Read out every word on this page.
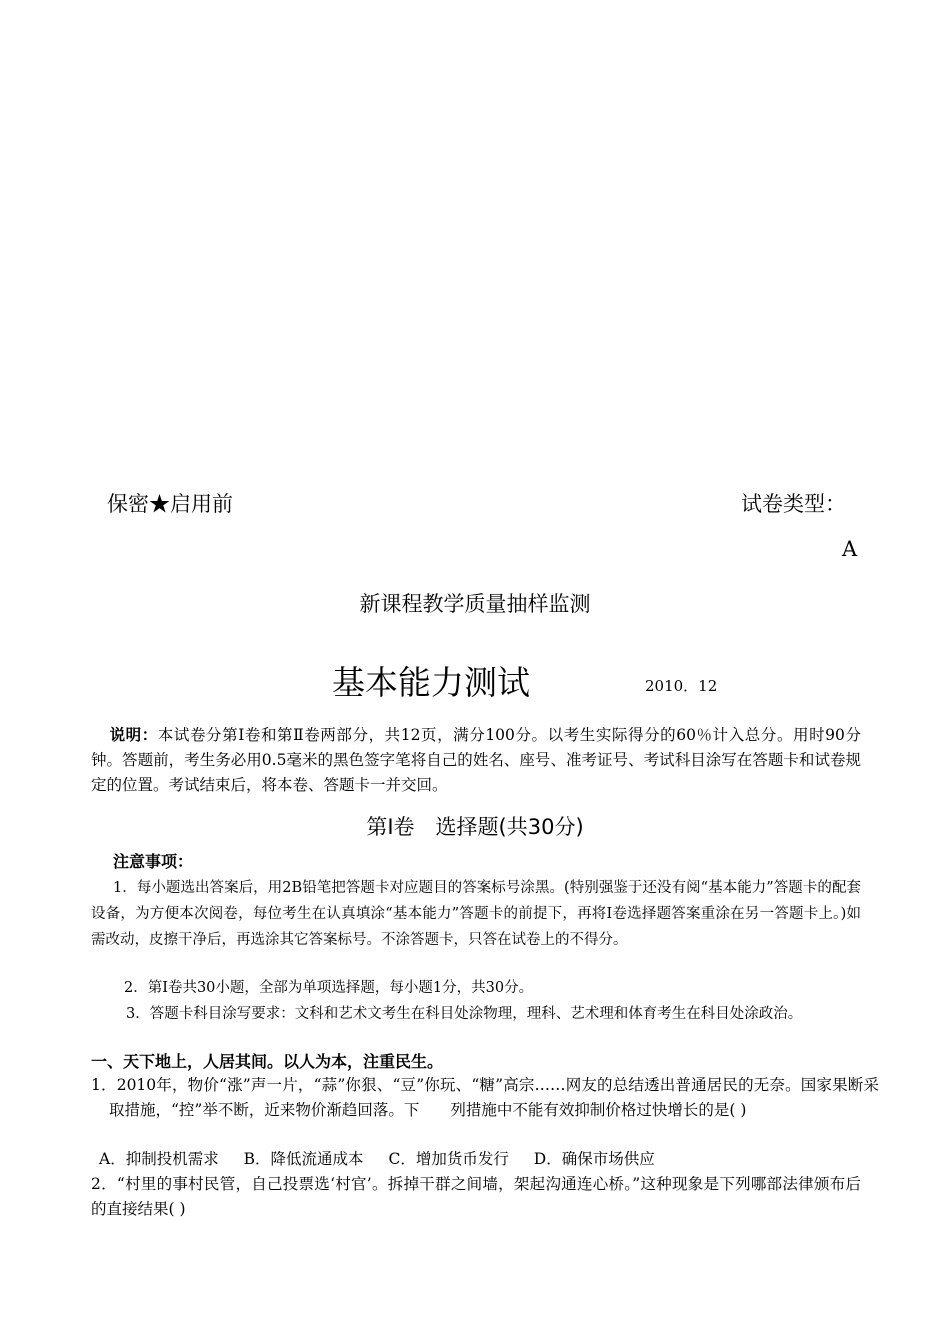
保密★启用前	试卷类型：
A
新课程教学质量抽样监测
基本能力测试	2010．12
说明：本试卷分第Ⅰ卷和第Ⅱ卷两部分，共12页，满分100分。以考生实际得分的60％计入总分。用时90分钟。答题前，考生务必用0.5毫米的黑色签字笔将自己的姓名、座号、准考证号、考试科目涂写在答题卡和试卷规定的位置。考试结束后，将本卷、答题卡一并交回。
第Ⅰ卷　选择题(共30分)
注意事项：
1．每小题选出答案后，用2B铅笔把答题卡对应题目的答案标号涂黑。(特别强鉴于还没有阅“基本能力”答题卡的配套设备，为方便本次阅卷，每位考生在认真填涂“基本能力”答题卡的前提下，再将Ⅰ卷选择题答案重涂在另一答题卡上。)如需改动，皮擦干净后，再选涂其它答案标号。不涂答题卡，只答在试卷上的不得分。
2．第Ⅰ卷共30小题，全部为单项选择题，每小题1分，共30分。
3．答题卡科目涂写要求：文科和艺术文考生在科目处涂物理，理科、艺术理和体育考生在科目处涂政治。
一、天下地上，人居其间。以人为本，注重民生。
1．2010年，物价“涨”声一片，“蒜”你狠、“豆”你玩、“糖”高宗……网友的总结透出普通居民的无奈。国家果断采取措施，“控”举不断，近来物价渐趋回落。下　　列措施中不能有效抑制价格过快增长的是( )
A．抑制投机需求 B．降低流通成本 C．增加货币发行 D．确保市场供应
2．“村里的事村民管，自己投票选‘村官’。拆掉干群之间墙，架起沟通连心桥。”这种现象是下列哪部法律颁布后的直接结果( )
